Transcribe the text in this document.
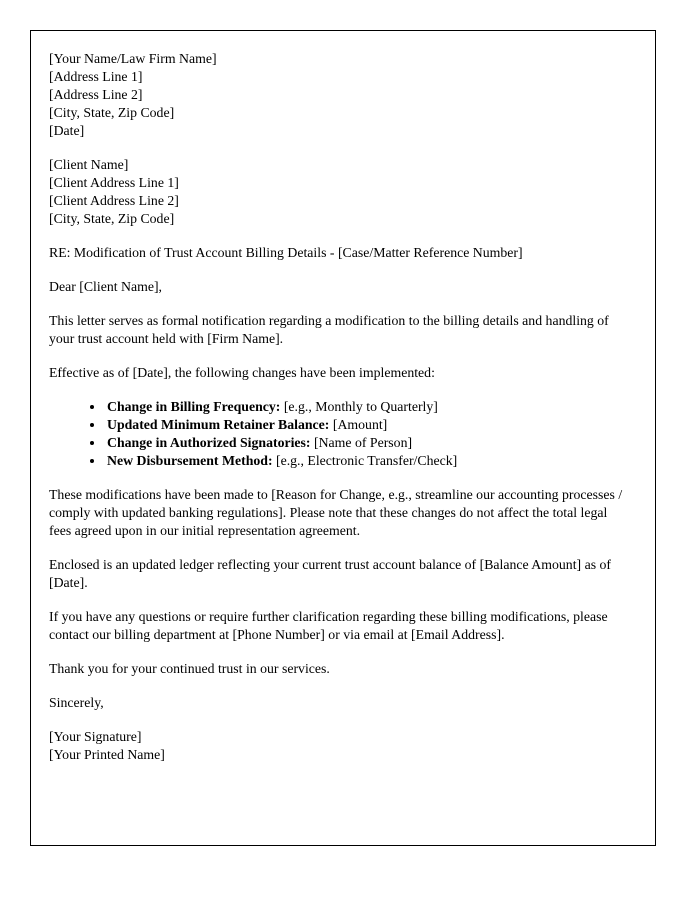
[Your Name/Law Firm Name]
[Address Line 1]
[Address Line 2]
[City, State, Zip Code]
[Date]
[Client Name]
[Client Address Line 1]
[Client Address Line 2]
[City, State, Zip Code]

RE: Modification of Trust Account Billing Details - [Case/Matter Reference Number]

Dear [Client Name],

This letter serves as formal notification regarding a modification to the billing details and handling of your trust account held with [Firm Name].

Effective as of [Date], the following changes have been implemented:

• Change in Billing Frequency: [e.g., Monthly to Quarterly]
• Updated Minimum Retainer Balance: [Amount]
• Change in Authorized Signatories: [Name of Person]
• New Disbursement Method: [e.g., Electronic Transfer/Check]

These modifications have been made to [Reason for Change, e.g., streamline our accounting processes / comply with updated banking regulations]. Please note that these changes do not affect the total legal fees agreed upon in our initial representation agreement.

Enclosed is an updated ledger reflecting your current trust account balance of [Balance Amount] as of [Date].

If you have any questions or require further clarification regarding these billing modifications, please contact our billing department at [Phone Number] or via email at [Email Address].

Thank you for your continued trust in our services.

Sincerely,

[Your Signature]
[Your Printed Name]
